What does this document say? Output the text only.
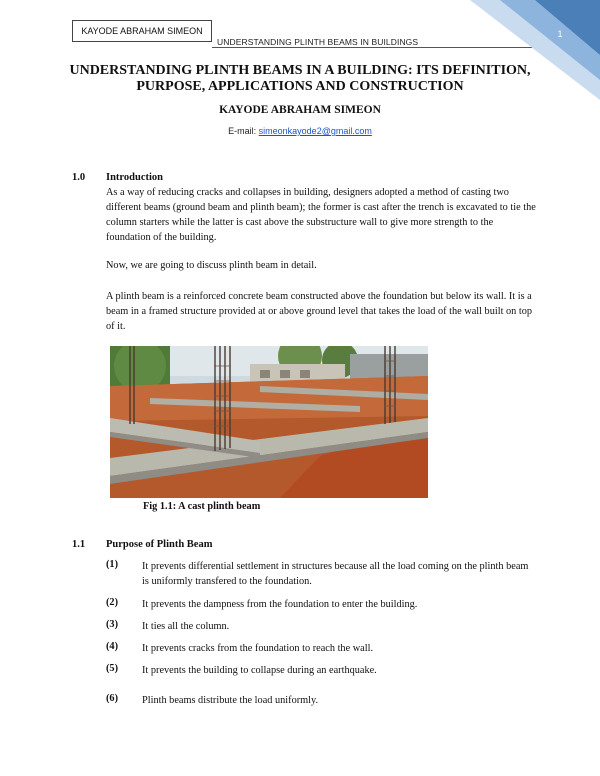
KAYODE ABRAHAM SIMEON
UNDERSTANDING PLINTH BEAMS IN BUILDINGS
1
UNDERSTANDING PLINTH BEAMS IN A BUILDING: ITS DEFINITION,
PURPOSE, APPLICATIONS AND CONSTRUCTION
KAYODE ABRAHAM SIMEON
E-mail: simeonkayode2@gmail.com
1.0 Introduction

As a way of reducing cracks and collapses in building, designers adopted a method of casting two different beams (ground beam and plinth beam); the former is cast after the trench is excavated to tie the column starters while the latter is cast above the substructure wall to give more strength to the foundation of the building.

Now, we are going to discuss plinth beam in detail.

A plinth beam is a reinforced concrete beam constructed above the foundation but below its wall. It is a beam in a framed structure provided at or above ground level that takes the load of the wall built on top of it.

Fig 1.1: A cast plinth beam
1.1 Purpose of Plinth Beam
(1) It prevents differential settlement in structures because all the load coming on the plinth beam is uniformly transfered to the foundation.

(2) It prevents the dampness from the foundation to enter the building.

(3) It ties all the column.

(4) It prevents cracks from the foundation to reach the wall.

(5) It prevents the building to collapse during an earthquake.

(6) Plinth beams distribute the load uniformly.
